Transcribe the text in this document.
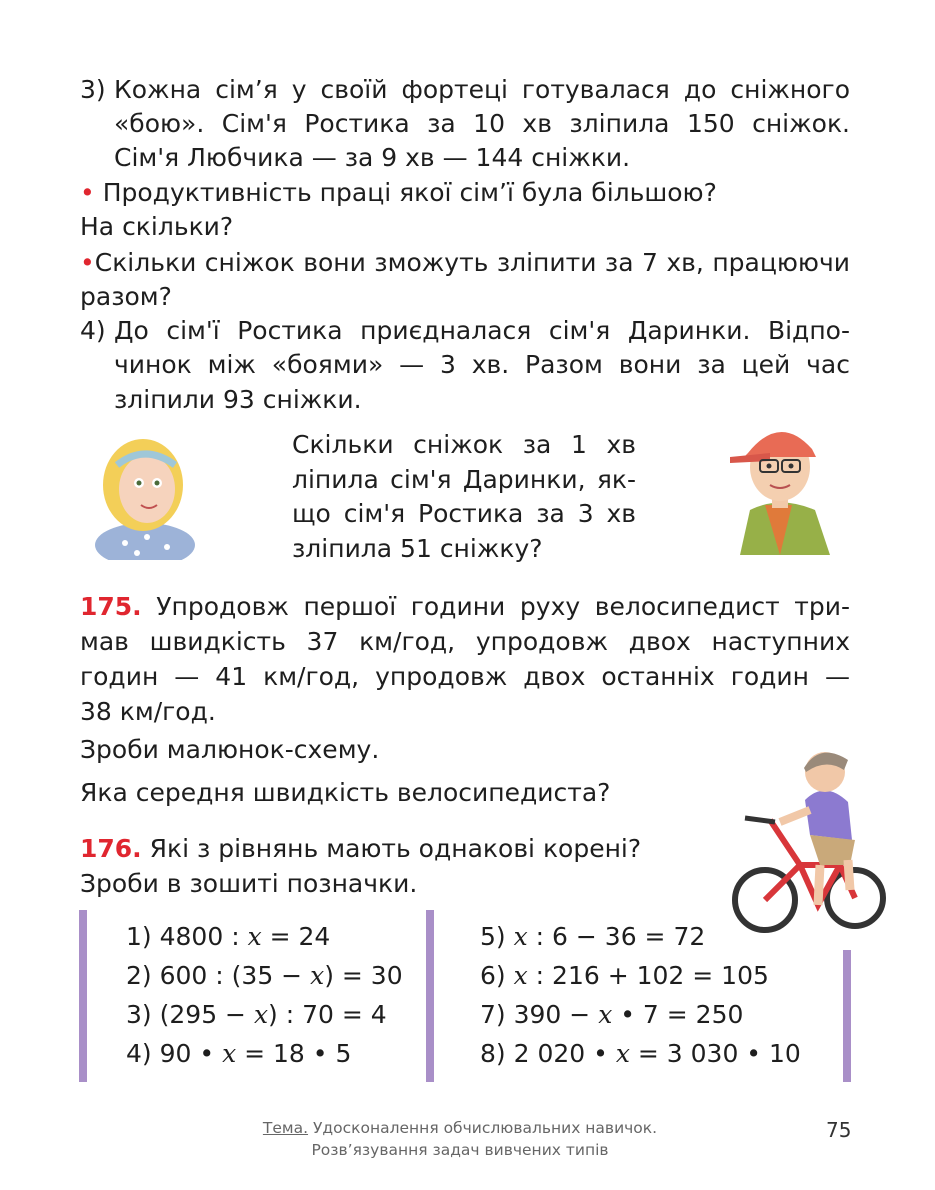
3) Кожна сім’я у своїй фортеці готувалася до сніжного
«бою». Сім'я Ростика за 10 хв зліпила 150 сніжок.
Сім'я Любчика — за 9 хв — 144 сніжки.
• Продуктивність праці якої сім’ї була більшою?
На скільки?
•Скільки сніжок вони зможуть зліпити за 7 хв, працюючи
разом?
4) До сім'ї Ростика приєдналася сім'я Даринки. Відпо-
чинок між «боями» — 3 хв. Разом вони за цей час
зліпили 93 сніжки.
Скільки сніжок за 1 хв
ліпила сім'я Даринки, як-
що сім'я Ростика за 3 хв
зліпила 51 сніжку?
175. Упродовж першої години руху велосипедист три-
мав швидкість 37 км/год, упродовж двох наступних
годин — 41 км/год, упродовж двох останніх годин —
38 км/год.
Зроби малюнок-схему.
Яка середня швидкість велосипедиста?
176. Які з рівнянь мають однакові корені?
Зроби в зошиті позначки.
1) 4800 : x = 24
2) 600 : (35 − x) = 30
3) (295 − x) : 70 = 4
4) 90 • x = 18 • 5
5) x : 6 − 36 = 72
6) x : 216 + 102 = 105
7) 390 − x • 7 = 250
8) 2 020 • x = 3 030 • 10
Тема. Удосконалення обчислювальних навичок.
Розв’язування задач вивчених типів
75
